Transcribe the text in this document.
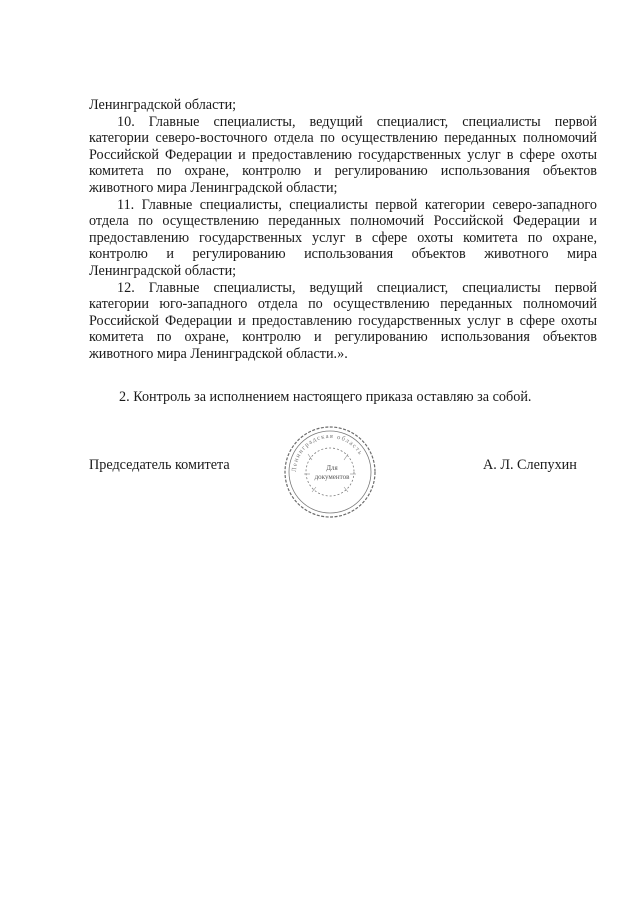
Ленинградской области;

10. Главные специалисты, ведущий специалист, специалисты первой категории северо-восточного отдела по осуществлению переданных полномочий Российской Федерации и предоставлению государственных услуг в сфере охоты комитета по охране, контролю и регулированию использования объектов животного мира Ленинградской области;

11. Главные специалисты, специалисты первой категории северо-западного отдела по осуществлению переданных полномочий Российской Федерации и предоставлению государственных услуг в сфере охоты комитета по охране, контролю и регулированию использования объектов животного мира Ленинградской области;

12. Главные специалисты, ведущий специалист, специалисты первой категории юго-западного отдела по осуществлению переданных полномочий Российской Федерации и предоставлению государственных услуг в сфере охоты комитета по охране, контролю и регулированию использования объектов животного мира Ленинградской области.».

2. Контроль за исполнением настоящего приказа оставляю за собой.

Председатель комитета	Ленинградская область
Для
документов

А. Л. Слепухин
